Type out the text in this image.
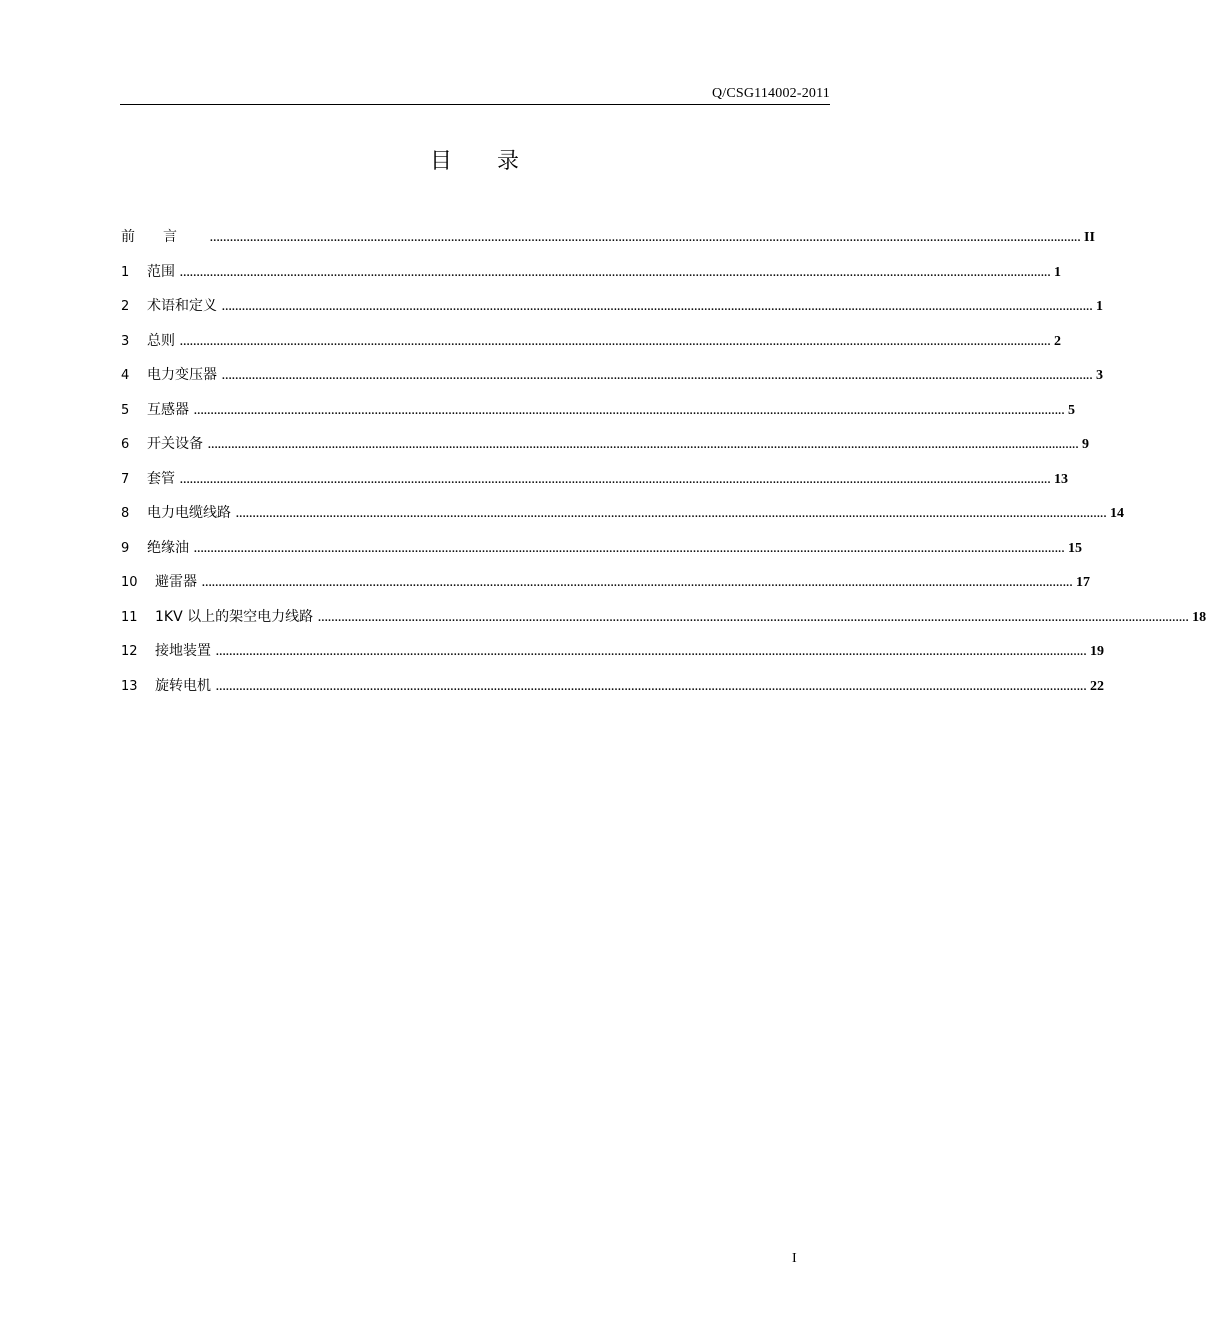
Q/CSG114002-2011
目 录
前言 .................................................................................................................................................................................................................................................................... II
1	范围 .................................................................................................................................................................................................................................................................... 1
2	术语和定义 .................................................................................................................................................................................................................................................................... 1
3	总则 .................................................................................................................................................................................................................................................................... 2
4	电力变压器 .................................................................................................................................................................................................................................................................... 3
5	互感器 .................................................................................................................................................................................................................................................................... 5
6	开关设备 .................................................................................................................................................................................................................................................................... 9
7	套管 .................................................................................................................................................................................................................................................................... 13
8	电力电缆线路 .................................................................................................................................................................................................................................................................... 14
9	绝缘油 .................................................................................................................................................................................................................................................................... 15
10	避雷器 .................................................................................................................................................................................................................................................................... 17
11	1KV 以上的架空电力线路 .................................................................................................................................................................................................................................................................... 18
12	接地装置 .................................................................................................................................................................................................................................................................... 19
13	旋转电机 .................................................................................................................................................................................................................................................................... 22
I
